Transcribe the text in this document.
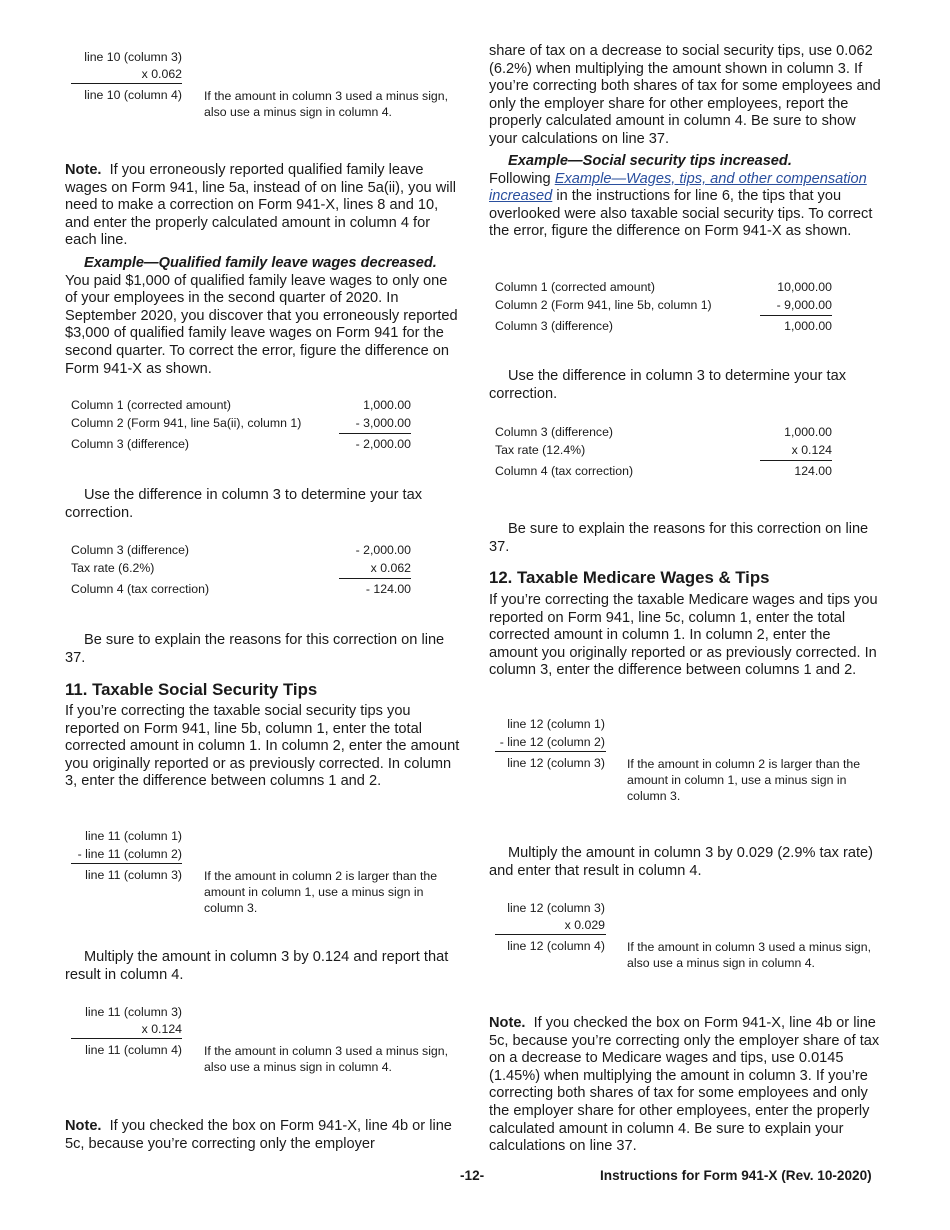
line 10 (column 3)
x 0.062
line 10 (column 4) If the amount in column 3 used a minus sign, also use a minus sign in column 4.

Note. If you erroneously reported qualified family leave wages on Form 941, line 5a, instead of on line 5a(ii), you will need to make a correction on Form 941-X, lines 8 and 10, and enter the properly calculated amount in column 4 for each line.

Example—Qualified family leave wages decreased.  You paid $1,000 of qualified family leave wages to only one of your employees in the second quarter of 2020. In September 2020, you discover that you erroneously reported $3,000 of qualified family leave wages on Form 941 for the second quarter. To correct the error, figure the difference on Form 941-X as shown.

Column 1 (corrected amount)	1,000.00
Column 2 (Form 941, line 5a(ii), column 1)	- 3,000.00
Column 3 (difference)	- 2,000.00

Use the difference in column 3 to determine your tax correction.

Column 3 (difference)	- 2,000.00
Tax rate (6.2%)	x 0.062
Column 4 (tax correction)	- 124.00

Be sure to explain the reasons for this correction on line 37.

11. Taxable Social Security Tips

If you’re correcting the taxable social security tips you reported on Form 941, line 5b, column 1, enter the total corrected amount in column 1. In column 2, enter the amount you originally reported or as previously corrected. In column 3, enter the difference between columns 1 and 2.

line 11 (column 1)
- line 11 (column 2)
line 11 (column 3) If the amount in column 2 is larger than the amount in column 1, use a minus sign in column 3.

Multiply the amount in column 3 by 0.124 and report that result in column 4.

line 11 (column 3)
x 0.124
line 11 (column 4) If the amount in column 3 used a minus sign, also use a minus sign in column 4.

Note. If you checked the box on Form 941-X, line 4b or line 5c, because you’re correcting only the employer

share of tax on a decrease to social security tips, use 0.062 (6.2%) when multiplying the amount shown in column 3. If you’re correcting both shares of tax for some employees and only the employer share for other employees, report the properly calculated amount in column 4. Be sure to show your calculations on line 37.

Example—Social security tips increased.
Following Example—Wages, tips, and other compensation increased in the instructions for line 6, the tips that you overlooked were also taxable social security tips. To correct the error, figure the difference on Form 941-X as shown.

Column 1 (corrected amount)	10,000.00
Column 2 (Form 941, line 5b, column 1)	- 9,000.00
Column 3 (difference)	1,000.00

Use the difference in column 3 to determine your tax correction.

Column 3 (difference)	1,000.00
Tax rate (12.4%)	x 0.124
Column 4 (tax correction)	124.00

Be sure to explain the reasons for this correction on line 37.

12. Taxable Medicare Wages & Tips

If you’re correcting the taxable Medicare wages and tips you reported on Form 941, line 5c, column 1, enter the total corrected amount in column 1. In column 2, enter the amount you originally reported or as previously corrected. In column 3, enter the difference between columns 1 and 2.

line 12 (column 1)
- line 12 (column 2)
line 12 (column 3) If the amount in column 2 is larger than the amount in column 1, use a minus sign in column 3.

Multiply the amount in column 3 by 0.029 (2.9% tax rate) and enter that result in column 4.

line 12 (column 3)
x 0.029
line 12 (column 4) If the amount in column 3 used a minus sign, also use a minus sign in column 4.

Note. If you checked the box on Form 941-X, line 4b or line 5c, because you’re correcting only the employer share of tax on a decrease to Medicare wages and tips, use 0.0145 (1.45%) when multiplying the amount in column 3. If you’re correcting both shares of tax for some employees and only the employer share for other employees, enter the properly calculated amount in column 4. Be sure to explain your calculations on line 37.

-12-	Instructions for Form 941-X (Rev. 10-2020)
